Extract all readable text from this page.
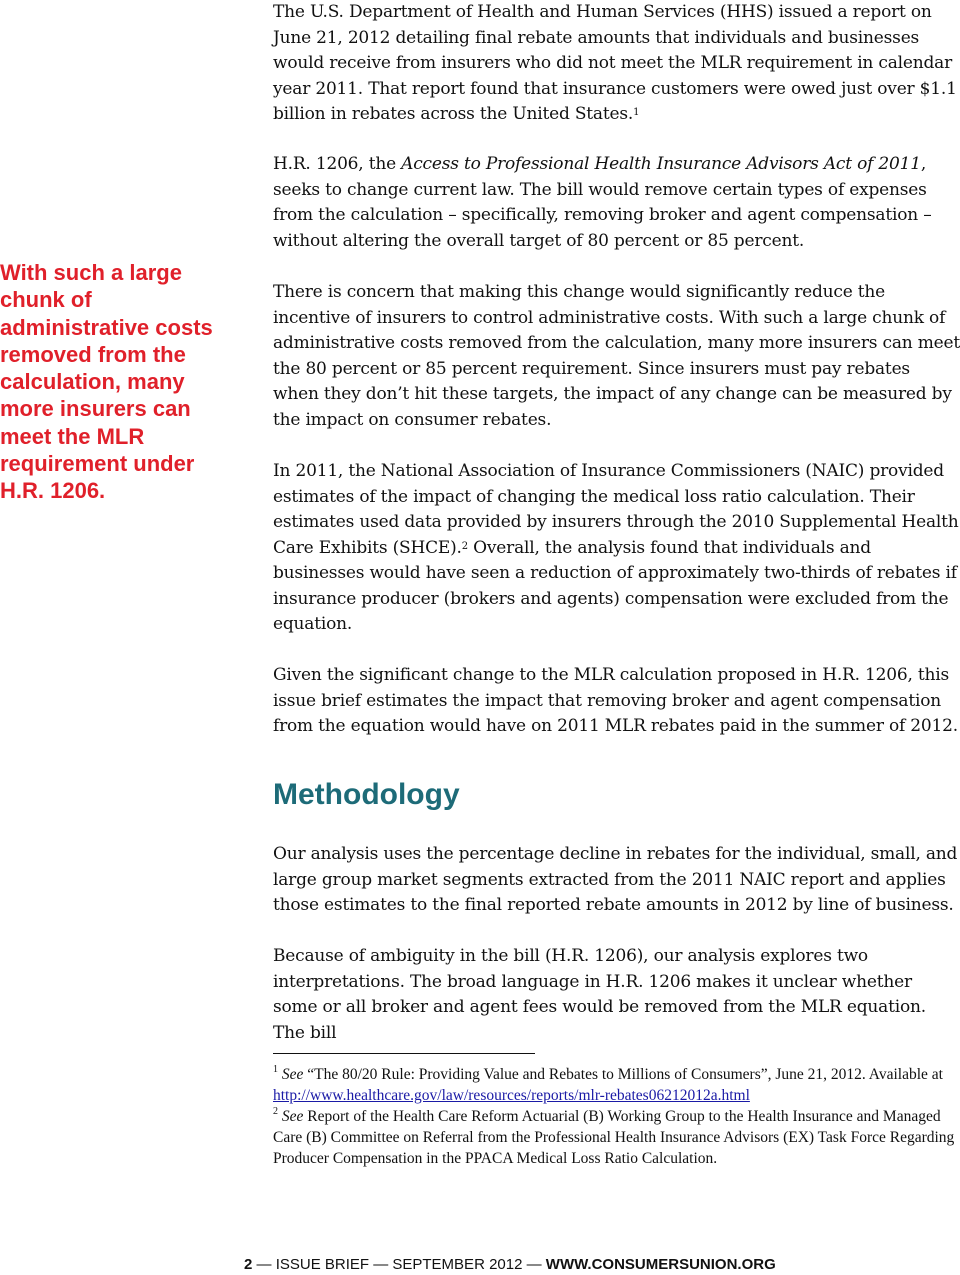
The U.S. Department of Health and Human Services (HHS) issued a report on June 21, 2012 detailing final rebate amounts that individuals and businesses would receive from insurers who did not meet the MLR requirement in calendar year 2011. That report found that insurance customers were owed just over $1.1 billion in rebates across the United States.$^1$

With such a large chunk of administrative costs removed from the calculation, many more insurers can meet the MLR requirement under H.R. 1206.

H.R. 1206, the Access to Professional Health Insurance Advisors Act of 2011, seeks to change current law. The bill would remove certain types of expenses from the calculation – specifically, removing broker and agent compensation – without altering the overall target of 80 percent or 85 percent.

There is concern that making this change would significantly reduce the incentive of insurers to control administrative costs. With such a large chunk of administrative costs removed from the calculation, many more insurers can meet the 80 percent or 85 percent requirement. Since insurers must pay rebates when they don’t hit these targets, the impact of any change can be measured by the impact on consumer rebates.

In 2011, the National Association of Insurance Commissioners (NAIC) provided estimates of the impact of changing the medical loss ratio calculation. Their estimates used data provided by insurers through the 2010 Supplemental Health Care Exhibits (SHCE).$^2$ Overall, the analysis found that individuals and businesses would have seen a reduction of approximately two-thirds of rebates if insurance producer (brokers and agents) compensation were excluded from the equation.

Given the significant change to the MLR calculation proposed in H.R. 1206, this issue brief estimates the impact that removing broker and agent compensation from the equation would have on 2011 MLR rebates paid in the summer of 2012.

Methodology

Our analysis uses the percentage decline in rebates for the individual, small, and large group market segments extracted from the 2011 NAIC report and applies those estimates to the final reported rebate amounts in 2012 by line of business.

Because of ambiguity in the bill (H.R. 1206), our analysis explores two interpretations. The broad language in H.R. 1206 makes it unclear whether some or all broker and agent fees would be removed from the MLR equation. The bill

$^1$ See “The 80/20 Rule: Providing Value and Rebates to Millions of Consumers”, June 21, 2012. Available at http://www.healthcare.gov/law/resources/reports/mlr-rebates06212012a.html

$^2$ See Report of the Health Care Reform Actuarial (B) Working Group to the Health Insurance and Managed Care (B) Committee on Referral from the Professional Health Insurance Advisors (EX) Task Force Regarding Producer Compensation in the PPACA Medical Loss Ratio Calculation.

2 — ISSUE BRIEF — SEPTEMBER 2012 — WWW.CONSUMERSUNION.ORG
